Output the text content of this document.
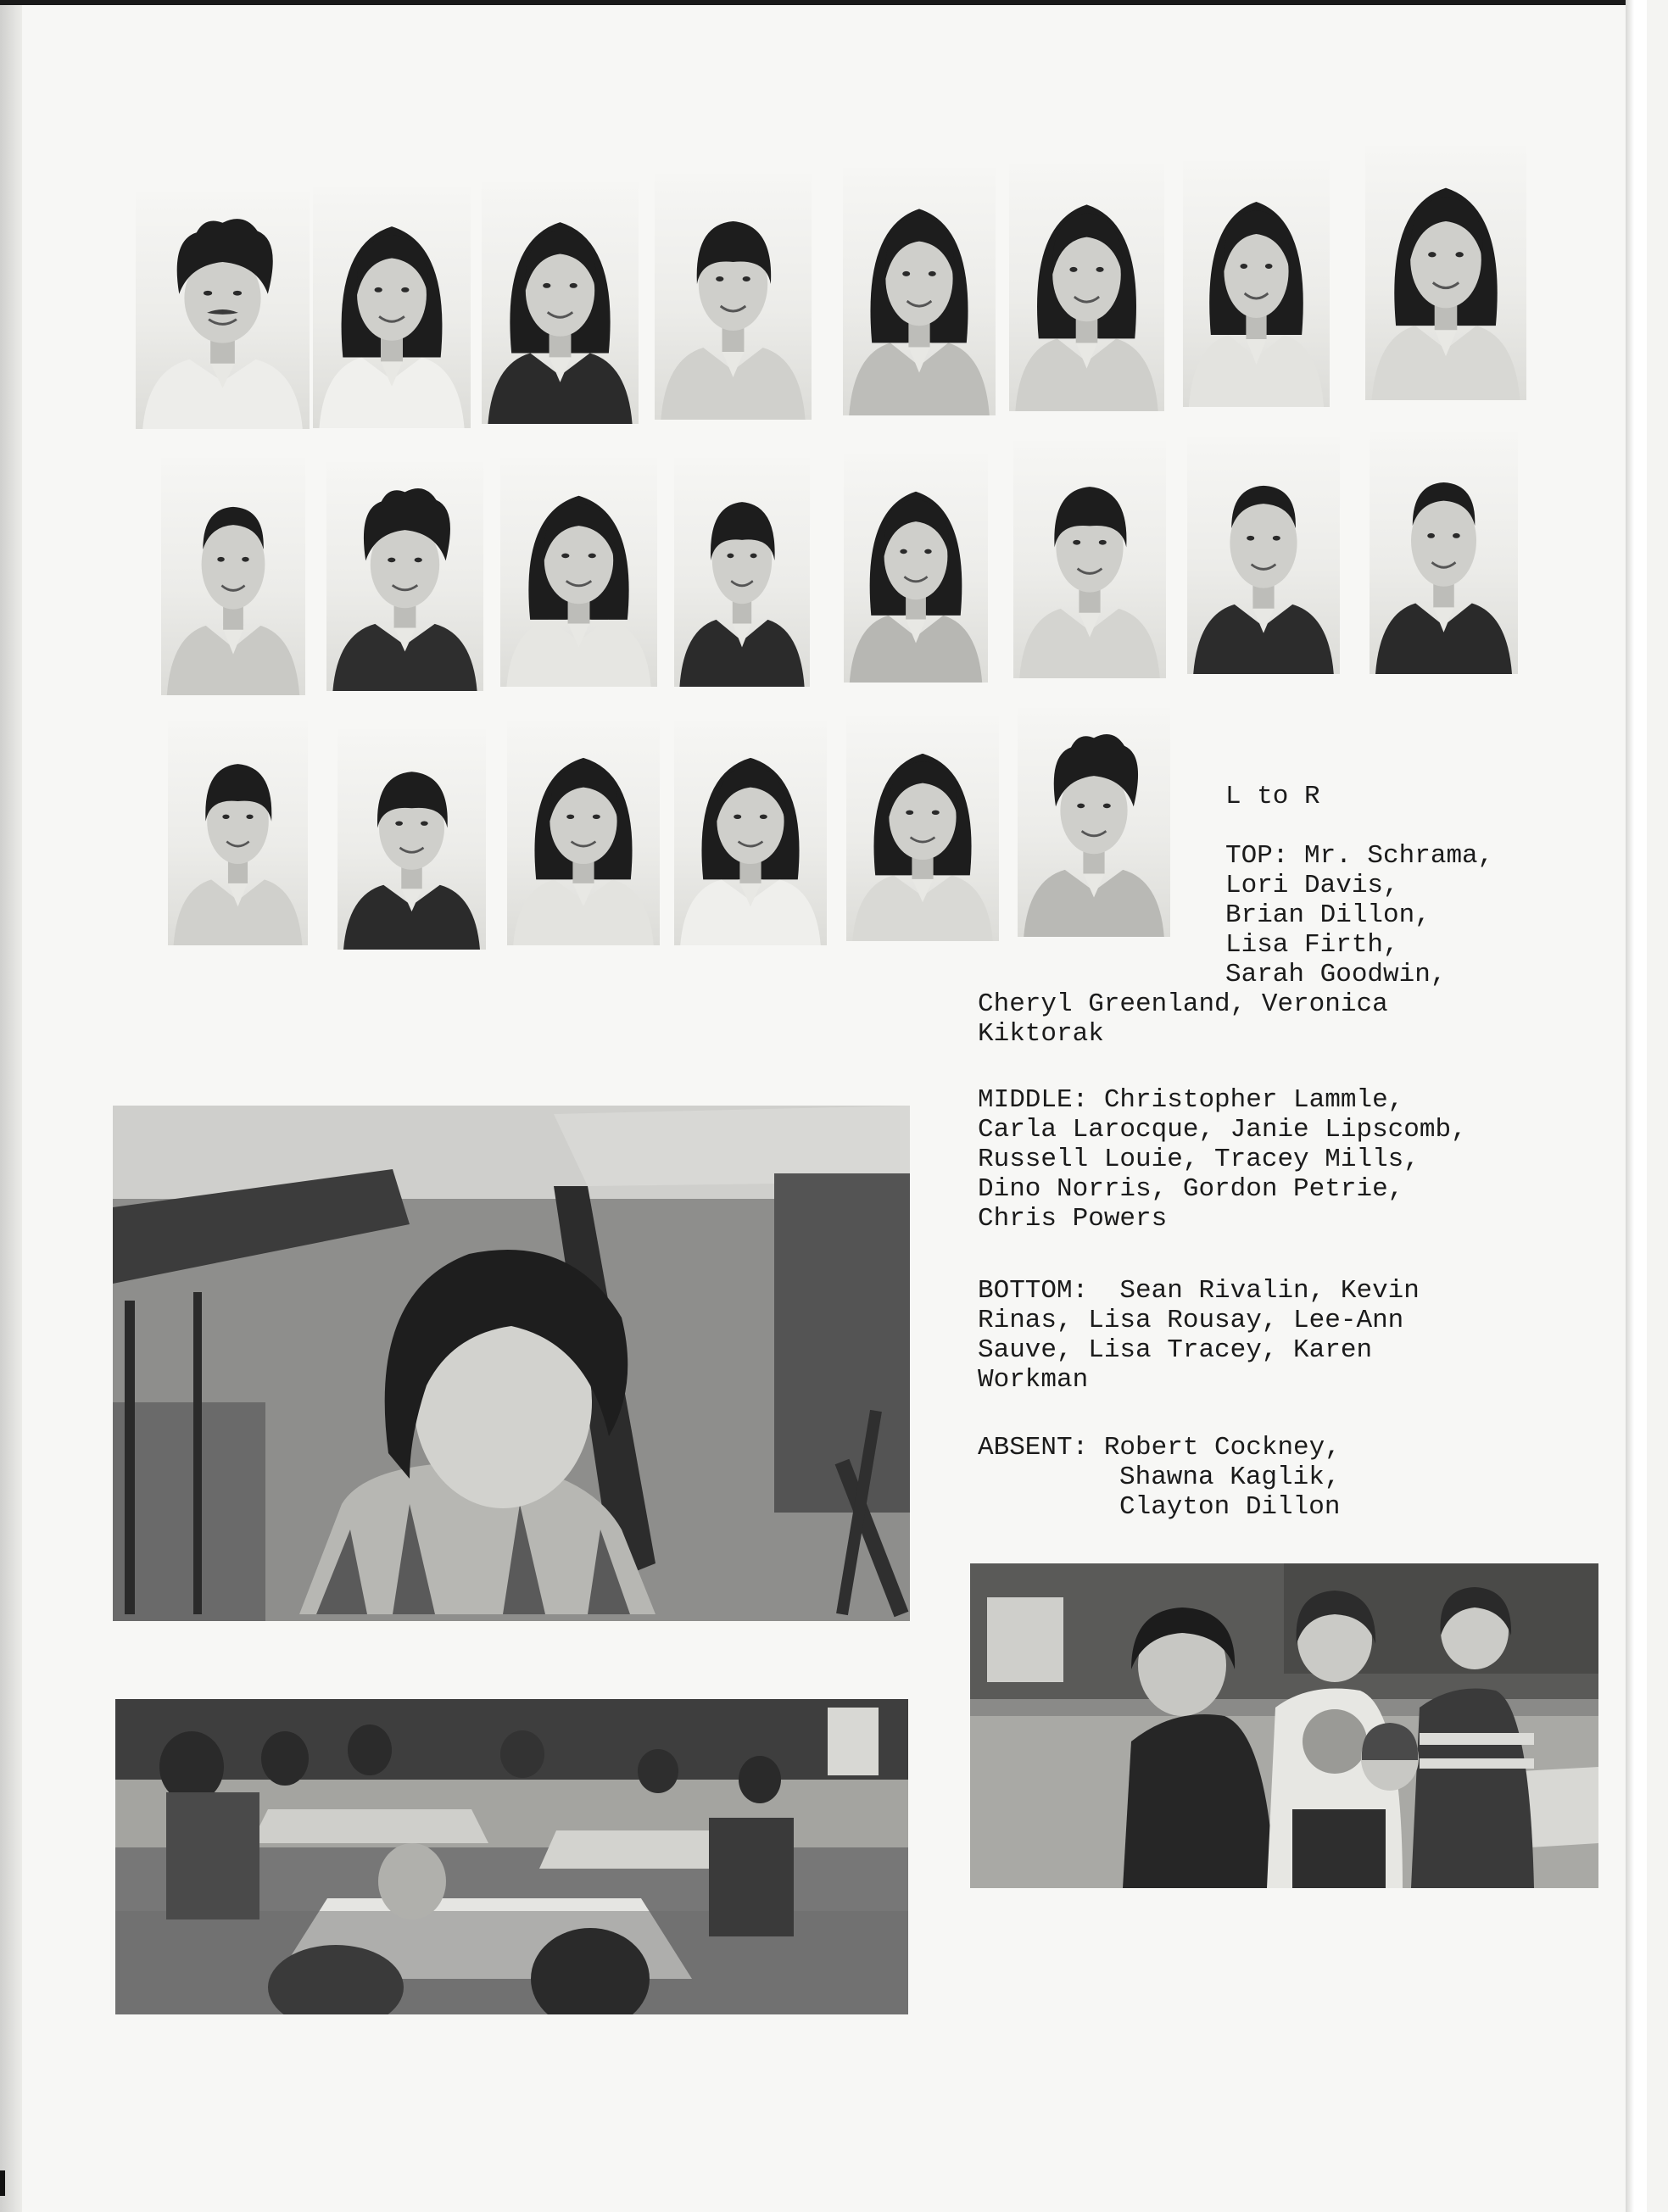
L to R
TOP: Mr. Schrama,
Lori Davis,
Brian Dillon,
Lisa Firth,
Sarah Goodwin,
Cheryl Greenland, Veronica
Kiktorak
MIDDLE: Christopher Lammle,
Carla Larocque, Janie Lipscomb,
Russell Louie, Tracey Mills,
Dino Norris, Gordon Petrie,
Chris Powers
BOTTOM:  Sean Rivalin, Kevin
Rinas, Lisa Rousay, Lee-Ann
Sauve, Lisa Tracey, Karen
Workman
ABSENT: Robert Cockney,
Shawna Kaglik,
Clayton Dillon
